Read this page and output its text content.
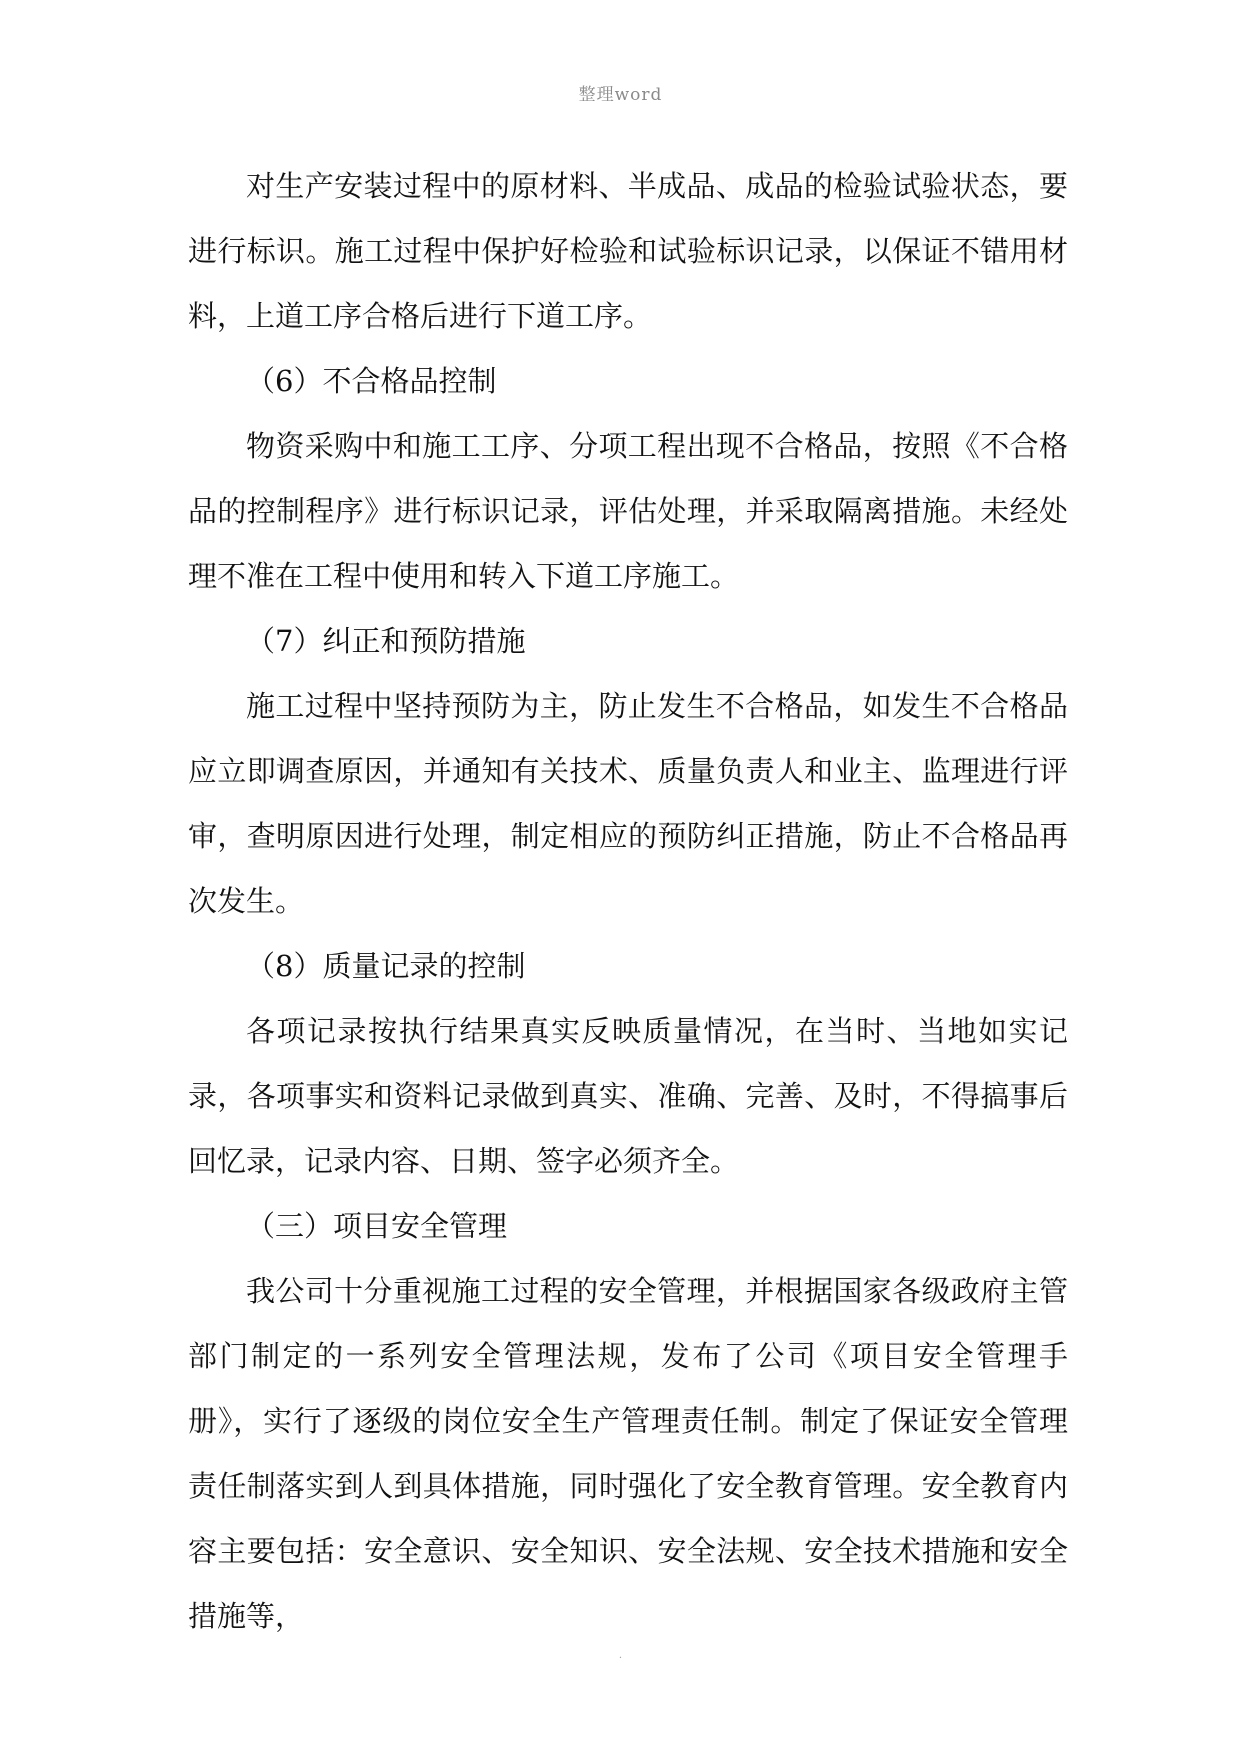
整理word

对生产安装过程中的原材料、半成品、成品的检验试验状态，要进行标识。施工过程中保护好检验和试验标识记录，以保证不错用材料，上道工序合格后进行下道工序。

（6）不合格品控制

物资采购中和施工工序、分项工程出现不合格品，按照《不合格品的控制程序》进行标识记录，评估处理，并采取隔离措施。未经处理不准在工程中使用和转入下道工序施工。

（7）纠正和预防措施

施工过程中坚持预防为主，防止发生不合格品，如发生不合格品应立即调查原因，并通知有关技术、质量负责人和业主、监理进行评审，查明原因进行处理，制定相应的预防纠正措施，防止不合格品再次发生。

（8）质量记录的控制

各项记录按执行结果真实反映质量情况，在当时、当地如实记录，各项事实和资料记录做到真实、准确、完善、及时，不得搞事后回忆录，记录内容、日期、签字必须齐全。

（三）项目安全管理

我公司十分重视施工过程的安全管理，并根据国家各级政府主管部门制定的一系列安全管理法规，发布了公司《项目安全管理手册》，实行了逐级的岗位安全生产管理责任制。制定了保证安全管理责任制落实到人到具体措施，同时强化了安全教育管理。安全教育内容主要包括：安全意识、安全知识、安全法规、安全技术措施和安全措施等，

.
